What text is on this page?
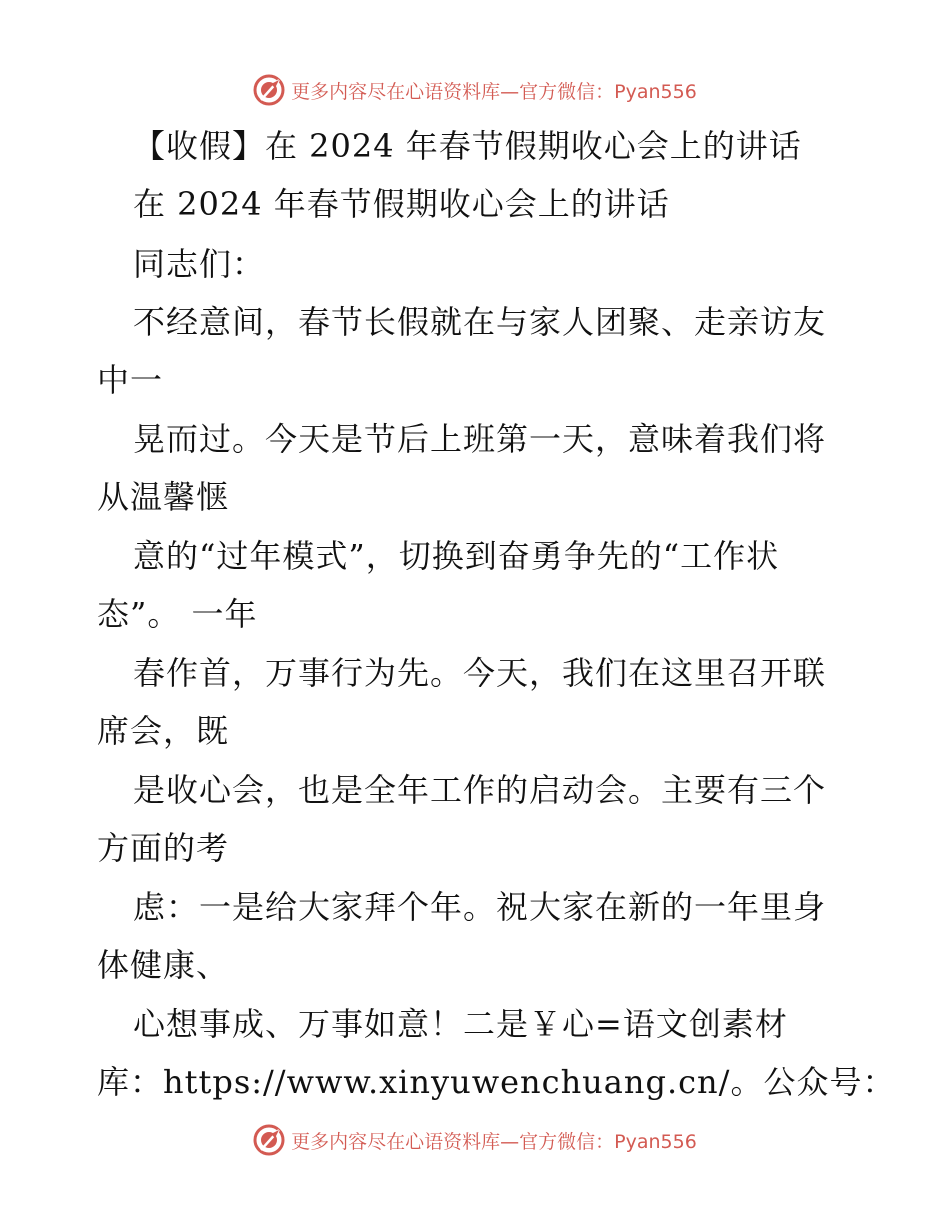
更多内容尽在心语资料库—官方微信：Pyan556
【收假】在 2024 年春节假期收心会上的讲话
在 2024 年春节假期收心会上的讲话
同志们：
不经意间，春节长假就在与家人团聚、走亲访友
中一
晃而过。今天是节后上班第一天，意味着我们将
从温馨惬
意的“过年模式”，切换到奋勇争先的“工作状
态”。 一年
春作首，万事行为先。今天，我们在这里召开联
席会，既
是收心会，也是全年工作的启动会。主要有三个
方面的考
虑：一是给大家拜个年。祝大家在新的一年里身
体健康、
心想事成、万事如意！二是￥心=语文创素材
库：https://www.xinyuwenchuang.cn/。公众号：
更多内容尽在心语资料库—官方微信：Pyan556
